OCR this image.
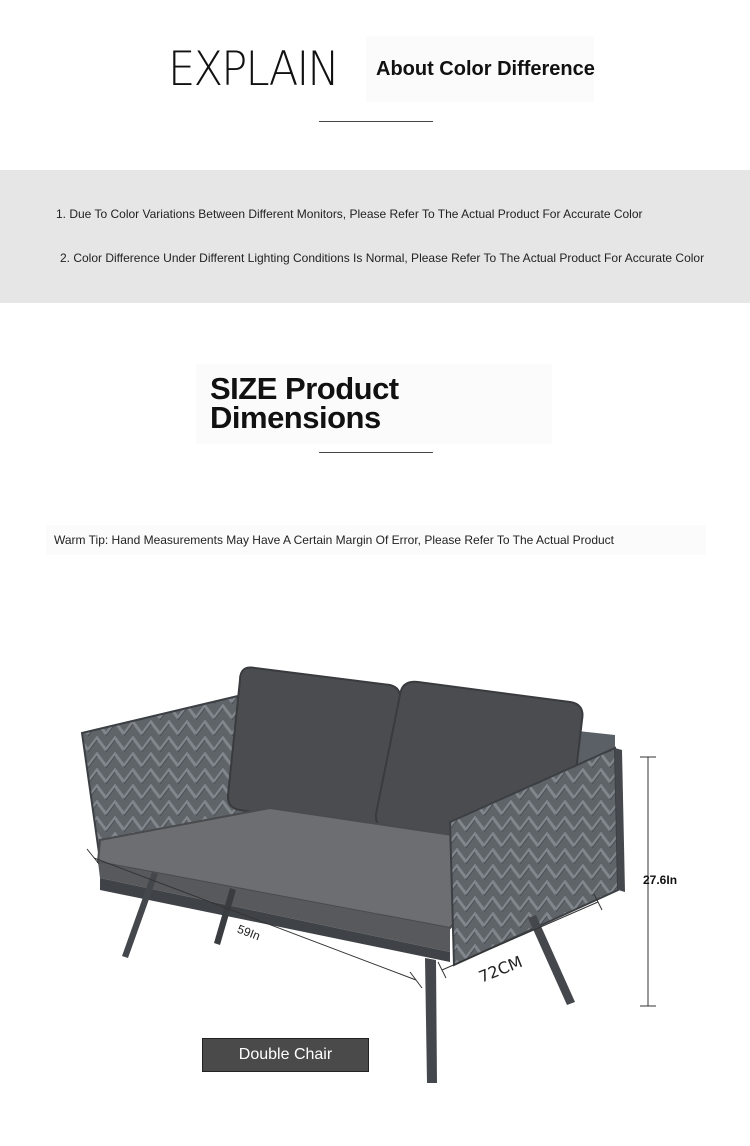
EXPLAIN About Color Difference
1. Due To Color Variations Between Different Monitors, Please Refer To The Actual Product For Accurate Color
2. Color Difference Under Different Lighting Conditions Is Normal, Please Refer To The Actual Product For Accurate Color
SIZE Product
Dimensions
Warm Tip: Hand Measurements May Have A Certain Margin Of Error, Please Refer To The Actual Product
59In
72CM
27.6In
Double Chair
